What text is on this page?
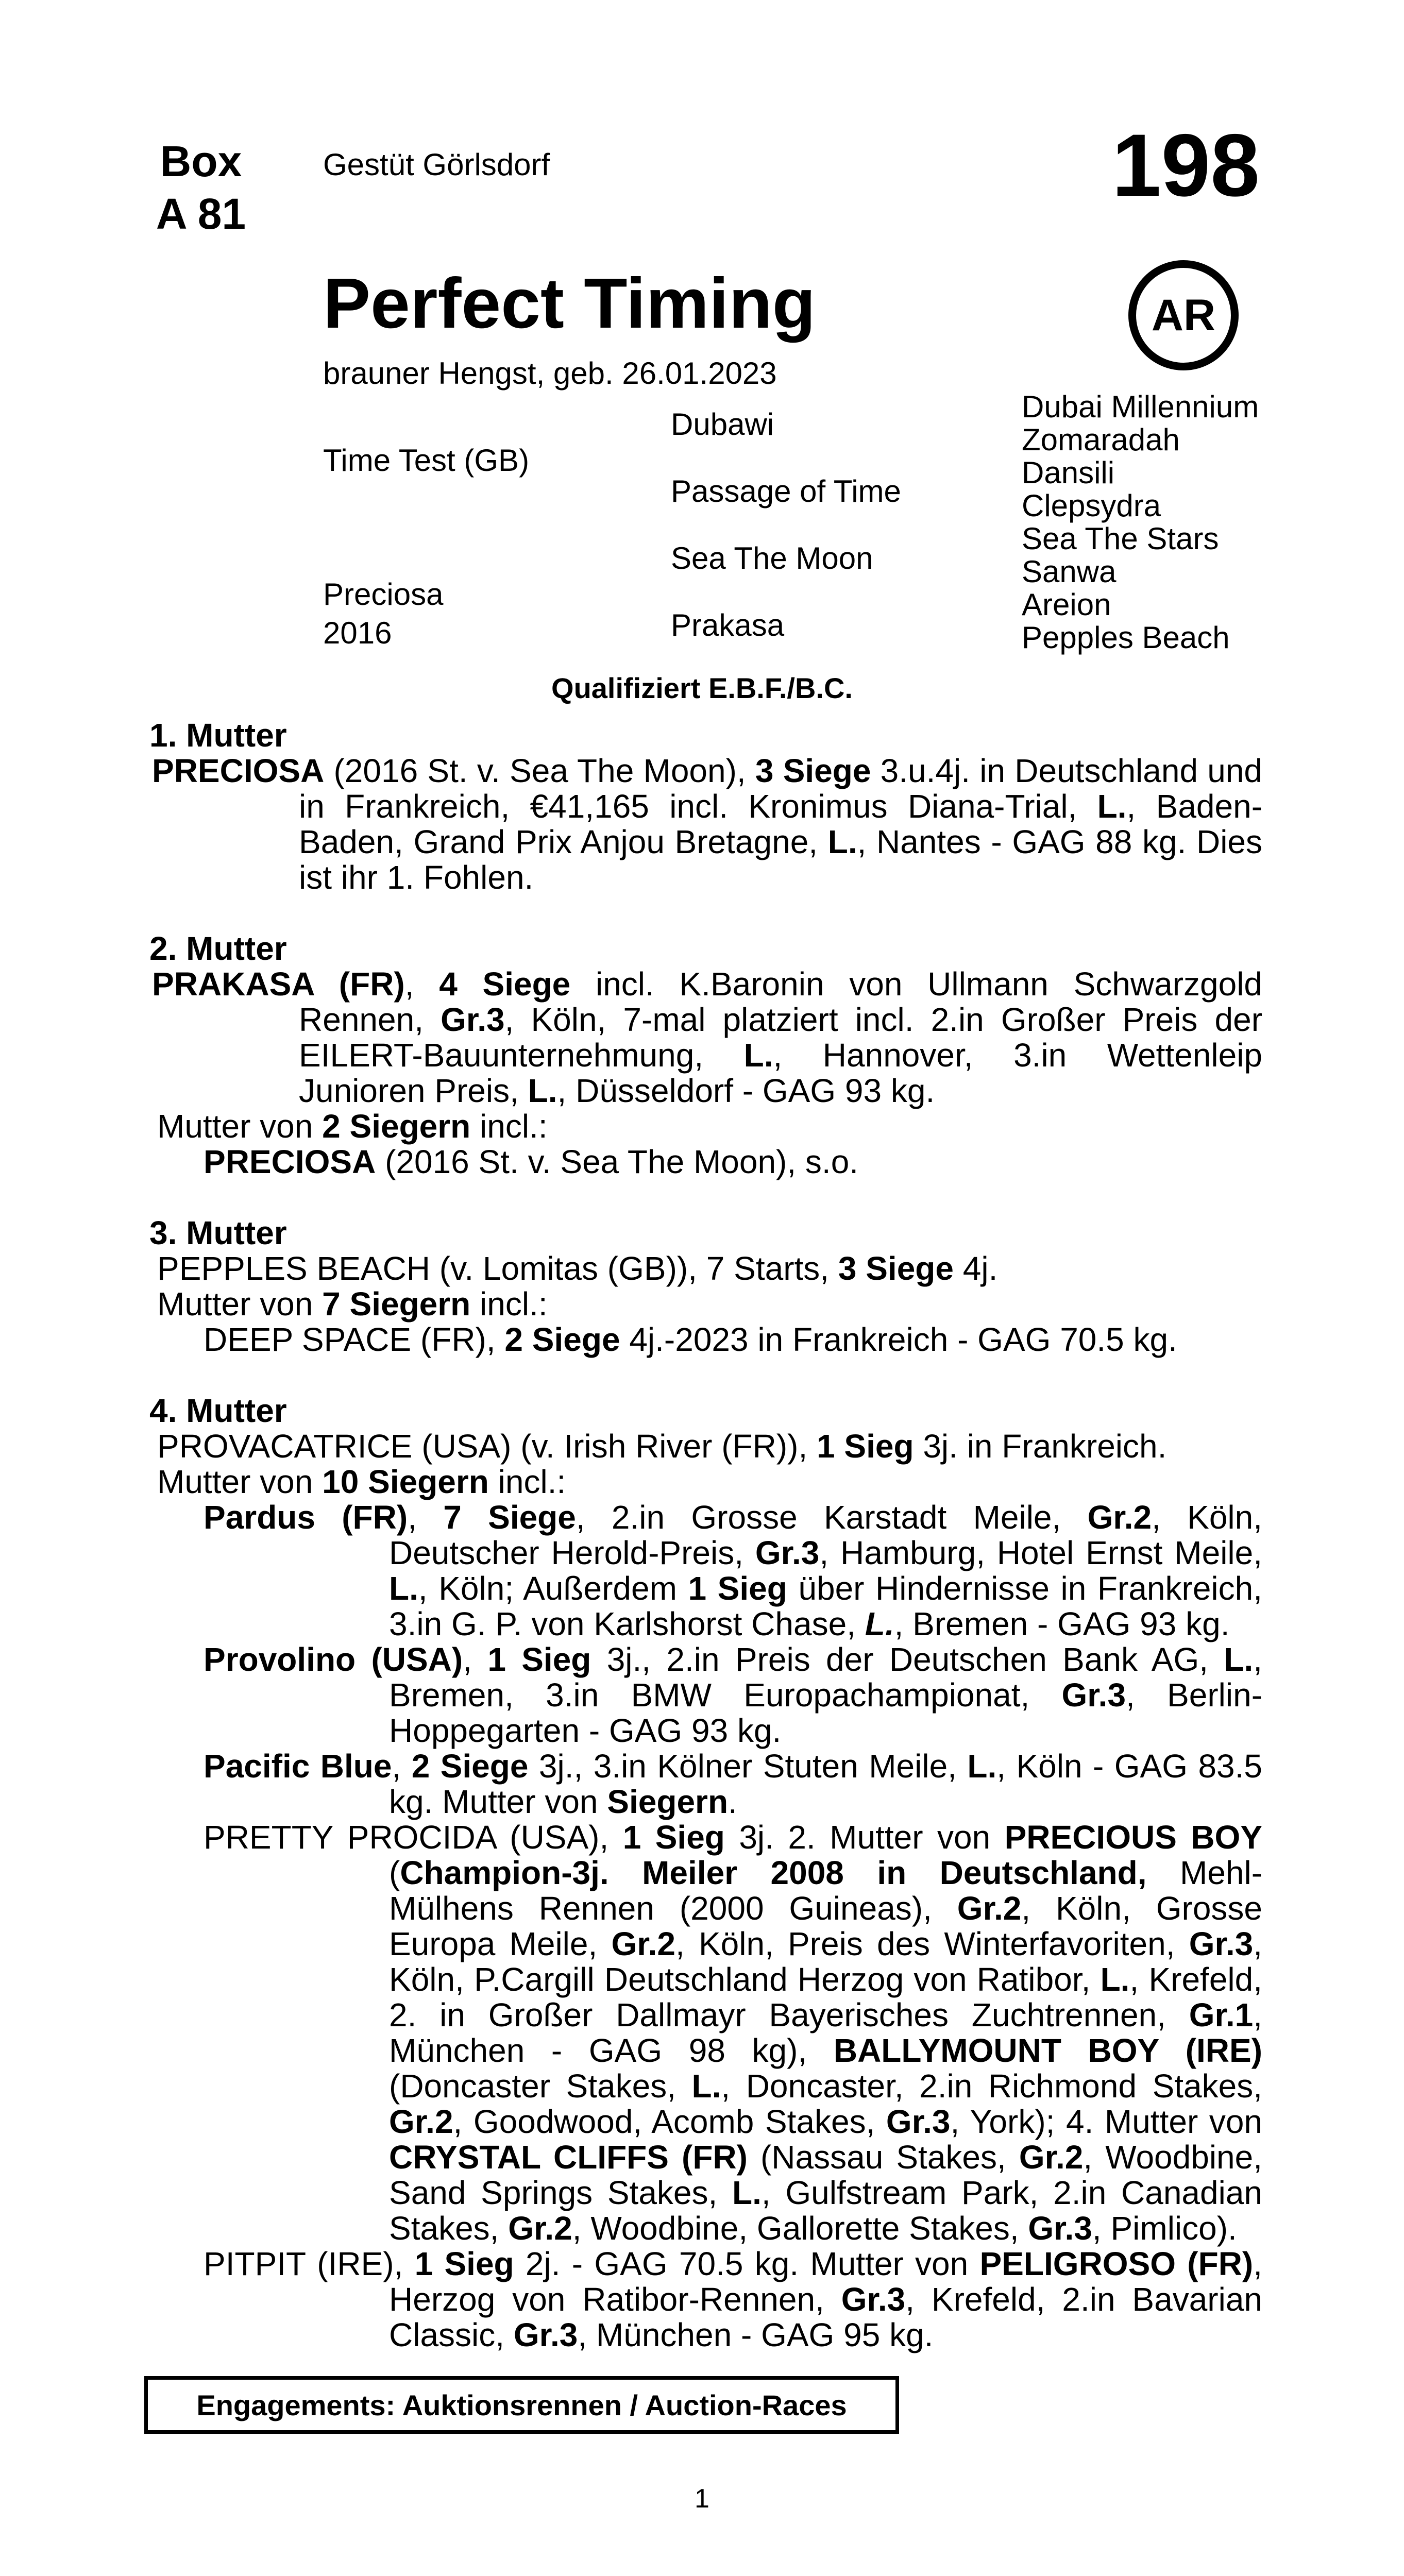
Box
A 81
Gestüt Görlsdorf	198
Perfect Timing	AR
brauner Hengst, geb. 26.01.2023
Time Test (GB)
Preciosa
2016
Dubawi
Passage of Time
Sea The Moon
Prakasa
Dubai Millennium
Zomaradah
Dansili
Clepsydra
Sea The Stars
Sanwa
Areion
Pepples Beach
Qualifiziert E.B.F./B.C.

1. Mutter

PRECIOSA (2016 St. v. Sea The Moon), 3 Siege 3.u.4j. in Deutschland und in Frankreich, €41,165 incl. Kronimus Diana-Trial, L., Baden-Baden, Grand Prix Anjou Bretagne, L., Nantes - GAG 88 kg. Dies ist ihr 1. Fohlen.

2. Mutter

PRAKASA (FR), 4 Siege incl. K.Baronin von Ullmann Schwarzgold Rennen, Gr.3, Köln, 7-mal platziert incl. 2.in Großer Preis der EILERT-Bauunternehmung, L., Hannover, 3.in Wettenleip Junioren Preis, L., Düsseldorf - GAG 93 kg.

Mutter von 2 Siegern incl.:

PRECIOSA (2016 St. v. Sea The Moon), s.o.

3. Mutter

PEPPLES BEACH (v. Lomitas (GB)), 7 Starts, 3 Siege 4j.

Mutter von 7 Siegern incl.:

DEEP SPACE (FR), 2 Siege 4j.-2023 in Frankreich - GAG 70.5 kg.

4. Mutter

PROVACATRICE (USA) (v. Irish River (FR)), 1 Sieg 3j. in Frankreich.

Mutter von 10 Siegern incl.:

Pardus (FR), 7 Siege, 2.in Grosse Karstadt Meile, Gr.2, Köln, Deutscher Herold-Preis, Gr.3, Hamburg, Hotel Ernst Meile, L., Köln; Außerdem 1 Sieg über Hindernisse in Frankreich, 3.in G. P. von Karlshorst Chase, L., Bremen - GAG 93 kg.

Provolino (USA), 1 Sieg 3j., 2.in Preis der Deutschen Bank AG, L., Bremen, 3.in BMW Europachampionat, Gr.3, Berlin-Hoppegarten - GAG 93 kg.

Pacific Blue, 2 Siege 3j., 3.in Kölner Stuten Meile, L., Köln - GAG 83.5 kg. Mutter von Siegern.

PRETTY PROCIDA (USA), 1 Sieg 3j. 2. Mutter von PRECIOUS BOY (Champion-3j. Meiler 2008 in Deutschland, Mehl-Mülhens Rennen (2000 Guineas), Gr.2, Köln, Grosse Europa Meile, Gr.2, Köln, Preis des Winterfavoriten, Gr.3, Köln, P.Cargill Deutschland Herzog von Ratibor, L., Krefeld, 2. in Großer Dallmayr Bayerisches Zuchtrennen, Gr.1, München - GAG 98 kg), BALLYMOUNT BOY (IRE) (Doncaster Stakes, L., Doncaster, 2.in Richmond Stakes, Gr.2, Goodwood, Acomb Stakes, Gr.3, York); 4. Mutter von CRYSTAL CLIFFS (FR) (Nassau Stakes, Gr.2, Woodbine, Sand Springs Stakes, L., Gulfstream Park, 2.in Canadian Stakes, Gr.2, Woodbine, Gallorette Stakes, Gr.3, Pimlico).

PITPIT (IRE), 1 Sieg 2j. - GAG 70.5 kg. Mutter von PELIGROSO (FR), Herzog von Ratibor-Rennen, Gr.3, Krefeld, 2.in Bavarian Classic, Gr.3, München - GAG 95 kg.

Engagements: Auktionsrennen / Auction-Races
1
